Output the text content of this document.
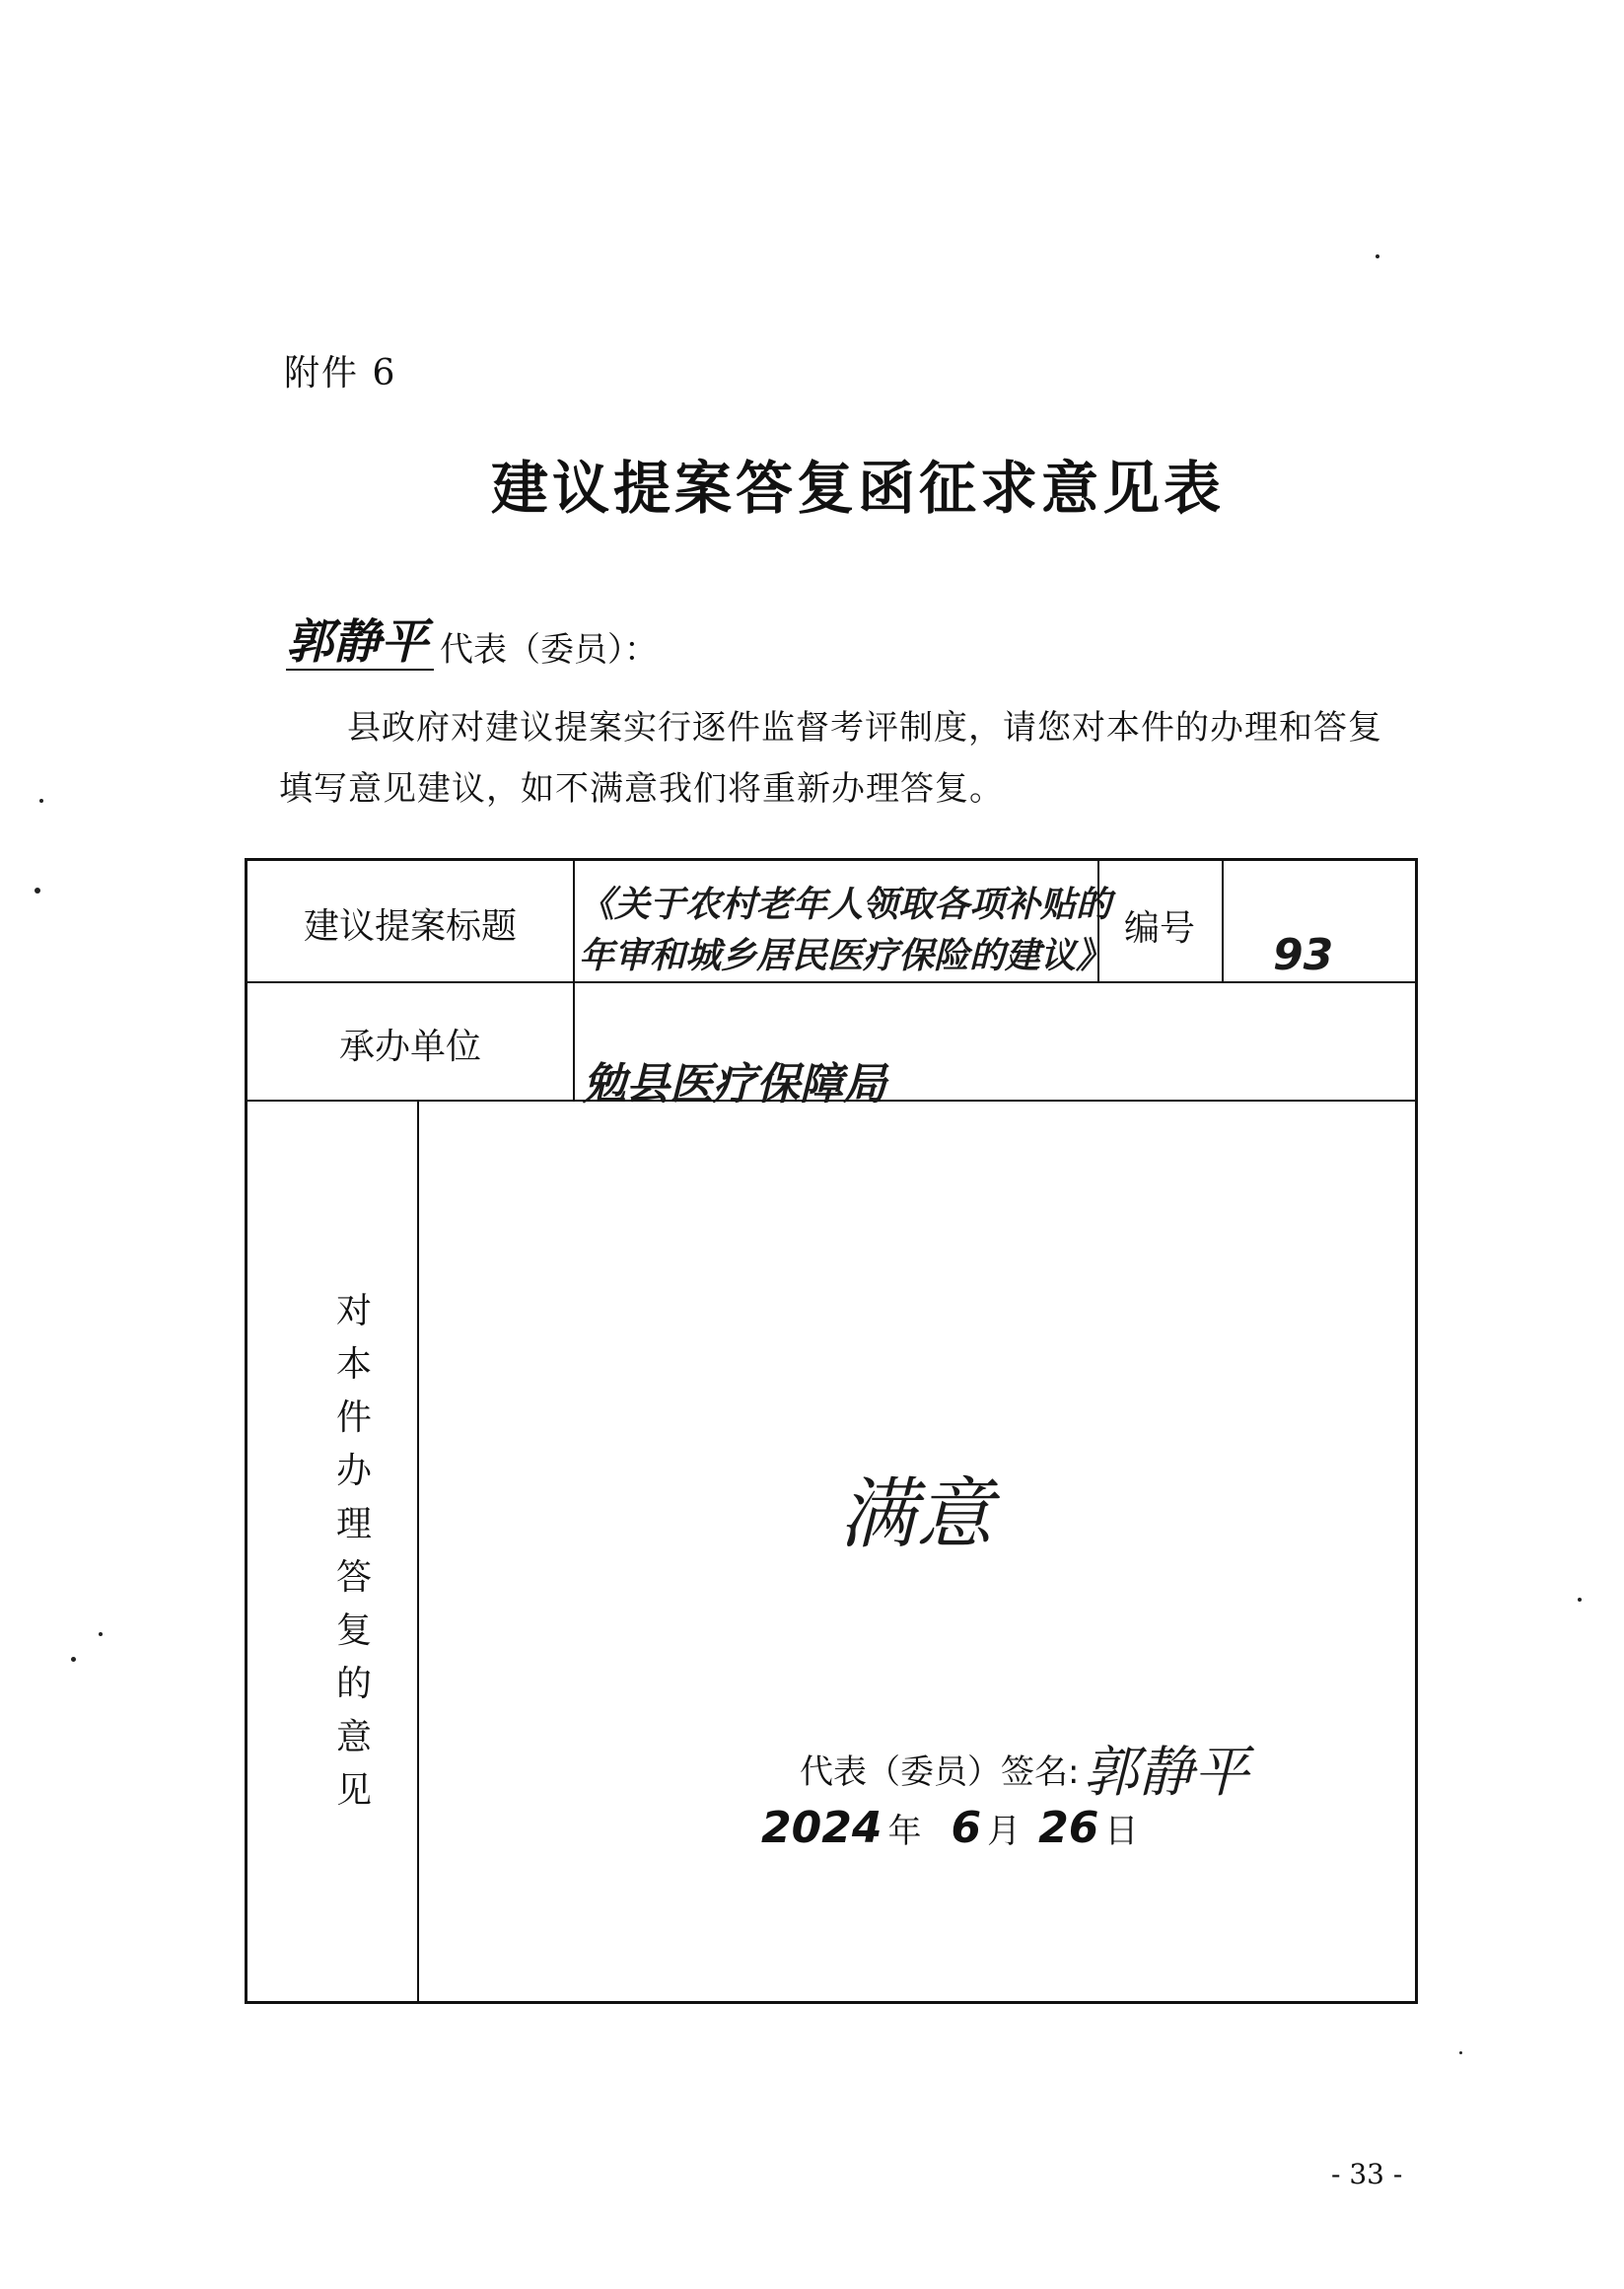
附件 6
建议提案答复函征求意见表
郭静平 代表（委员）：
县政府对建议提案实行逐件监督考评制度，请您对本件的办理和答复
填写意见建议，如不满意我们将重新办理答复。
建议提案标题
《关于农村老年人领取各项补贴的
年审和城乡居民医疗保险的建议》
编号
93
承办单位
勉县医疗保障局
对本件办理答复的意见
满意
代表（委员）签名: 郭静平
2024 年 6 月 26 日
- 33 -
